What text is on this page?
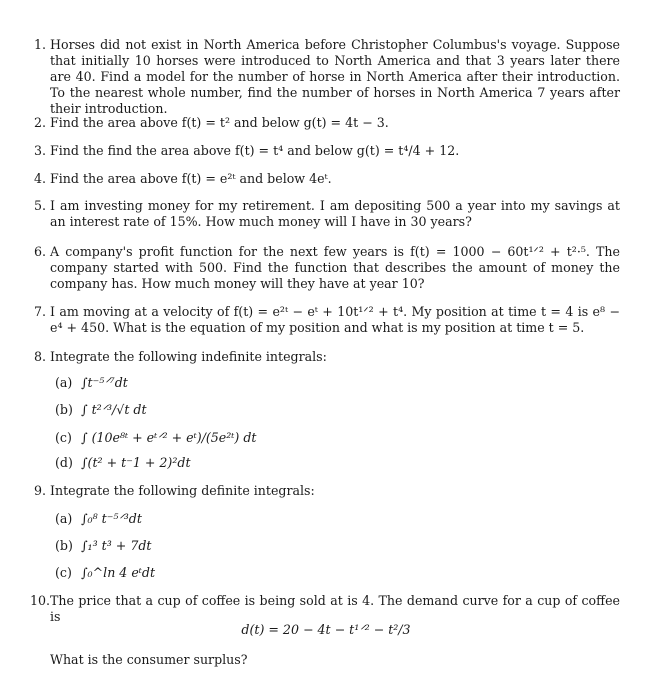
1. Horses did not exist in North America before Christopher Columbus's voyage. Suppose that initially 10 horses were introduced to North America and that 3 years later there are 40. Find a model for the number of horse in North America after their introduction. To the nearest whole number, find the number of horses in North America 7 years after their introduction.
2. Find the area above f(t) = t² and below g(t) = 4t − 3.
3. Find the find the area above f(t) = t⁴ and below g(t) = t⁴/4 + 12.
4. Find the area above f(t) = e²ᵗ and below 4eᵗ.
5. I am investing money for my retirement. I am depositing 500 a year into my savings at an interest rate of 15%. How much money will I have in 30 years?
6. A company's profit function for the next few years is f(t) = 1000 − 60t¹ᐟ² + t²·⁵. The company started with 500. Find the function that describes the amount of money the company has. How much money will they have at year 10?
7. I am moving at a velocity of f(t) = e²ᵗ − eᵗ + 10t¹ᐟ² + t⁴. My position at time t = 4 is e⁸ − e⁴ + 450. What is the equation of my position and what is my position at time t = 5.
8. Integrate the following indefinite integrals:
(a) ∫t⁻⁵ᐟ⁷dt
(b) ∫ t²ᐟ³/√t dt
(c) ∫ (10e⁸ᵗ + eᵗᐟ² + eᵗ)/(5e²ᵗ) dt
(d) ∫(t² + t⁻1 + 2)²dt
9. Integrate the following definite integrals:
(a) ∫₀⁸ t⁻⁵ᐟ³dt
(b) ∫₁³ t³ + 7dt
(c) ∫₀^ln 4 eᵗdt
10. The price that a cup of coffee is being sold at is 4. The demand curve for a cup of coffee is
d(t) = 20 − 4t − t¹ᐟ² − t²/3
What is the consumer surplus?
